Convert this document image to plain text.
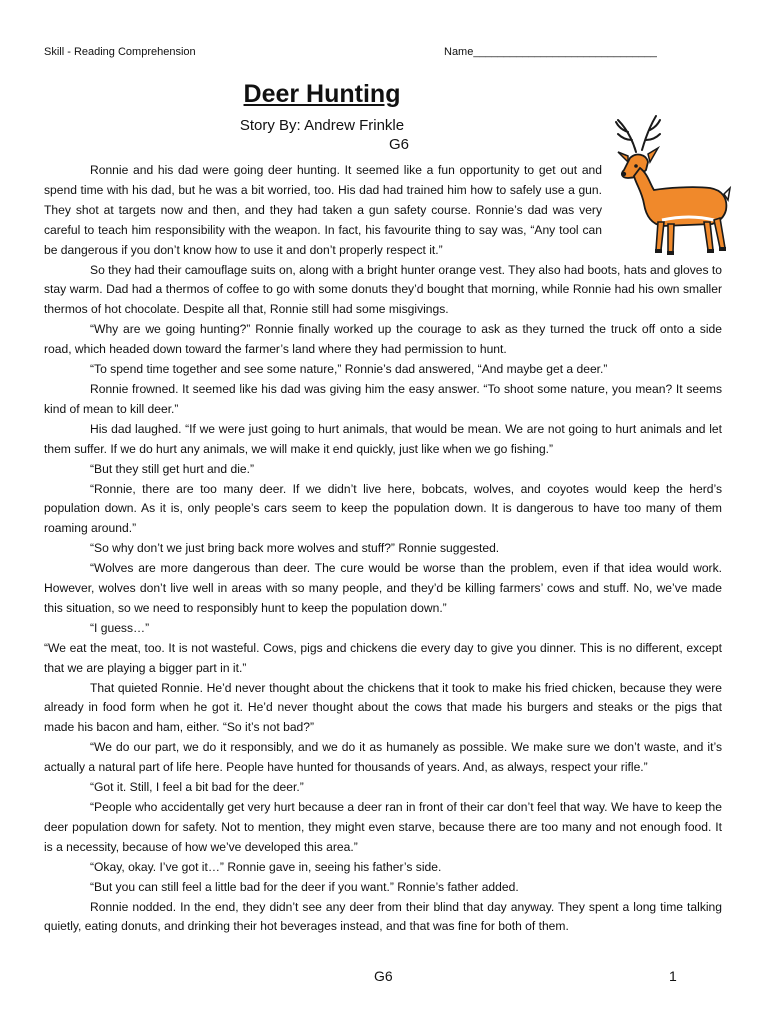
Skill - Reading Comprehension	Name______________________________
Deer Hunting
Story By: Andrew Frinkle
G6

Ronnie and his dad were going deer hunting. It seemed like a fun opportunity to get out and spend time with his dad, but he was a bit worried, too. His dad had trained him how to safely use a gun. They shot at targets now and then, and they had taken a gun safety course. Ronnie’s dad was very careful to teach him responsibility with the weapon. In fact, his favourite thing to say was, “Any tool can be dangerous if you don’t know how to use it and don’t properly respect it.”

So they had their camouflage suits on, along with a bright hunter orange vest. They also had boots, hats and gloves to stay warm. Dad had a thermos of coffee to go with some donuts they’d bought that morning, while Ronnie had his own smaller thermos of hot chocolate. Despite all that, Ronnie still had some misgivings.

“Why are we going hunting?” Ronnie finally worked up the courage to ask as they turned the truck off onto a side road, which headed down toward the farmer’s land where they had permission to hunt.

“To spend time together and see some nature,” Ronnie’s dad answered, “And maybe get a deer.”

Ronnie frowned. It seemed like his dad was giving him the easy answer. “To shoot some nature, you mean? It seems kind of mean to kill deer.”

His dad laughed. “If we were just going to hurt animals, that would be mean. We are not going to hurt animals and let them suffer. If we do hurt any animals, we will make it end quickly, just like when we go fishing.”

“But they still get hurt and die.”

“Ronnie, there are too many deer. If we didn’t live here, bobcats, wolves, and coyotes would keep the herd’s population down. As it is, only people’s cars seem to keep the population down. It is dangerous to have too many of them roaming around.”

“So why don’t we just bring back more wolves and stuff?” Ronnie suggested.

“Wolves are more dangerous than deer. The cure would be worse than the problem, even if that idea would work. However, wolves don’t live well in areas with so many people, and they’d be killing farmers’ cows and stuff. No, we’ve made this situation, so we need to responsibly hunt to keep the population down.”

“I guess…”

“We eat the meat, too. It is not wasteful. Cows, pigs and chickens die every day to give you dinner. This is no different, except that we are playing a bigger part in it.”

That quieted Ronnie. He’d never thought about the chickens that it took to make his fried chicken, because they were already in food form when he got it. He’d never thought about the cows that made his burgers and steaks or the pigs that made his bacon and ham, either. “So it’s not bad?”

“We do our part, we do it responsibly, and we do it as humanely as possible. We make sure we don’t waste, and it’s actually a natural part of life here. People have hunted for thousands of years. And, as always, respect your rifle.”

“Got it. Still, I feel a bit bad for the deer.”

“People who accidentally get very hurt because a deer ran in front of their car don’t feel that way. We have to keep the deer population down for safety. Not to mention, they might even starve, because there are too many and not enough food. It is a necessity, because of how we’ve developed this area.”

“Okay, okay. I’ve got it…” Ronnie gave in, seeing his father’s side.

“But you can still feel a little bad for the deer if you want.” Ronnie’s father added.

Ronnie nodded. In the end, they didn’t see any deer from their blind that day anyway. They spent a long time talking quietly, eating donuts, and drinking their hot beverages instead, and that was fine for both of them.

G6	1
